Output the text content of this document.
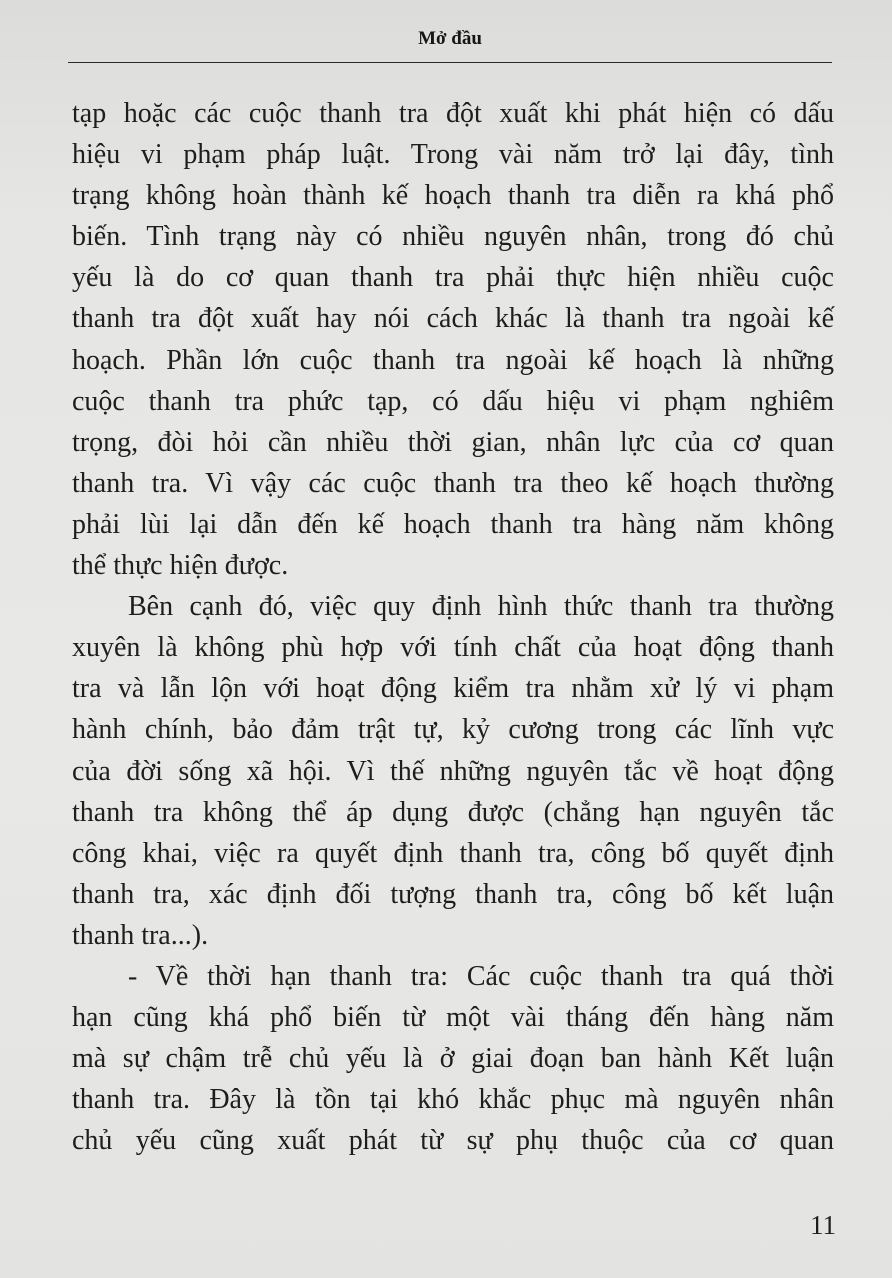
Mở đầu
tạp hoặc các cuộc thanh tra đột xuất khi phát hiện có dấu
hiệu vi phạm pháp luật. Trong vài năm trở lại đây, tình
trạng không hoàn thành kế hoạch thanh tra diễn ra khá phổ
biến. Tình trạng này có nhiều nguyên nhân, trong đó chủ
yếu là do cơ quan thanh tra phải thực hiện nhiều cuộc
thanh tra đột xuất hay nói cách khác là thanh tra ngoài kế
hoạch. Phần lớn cuộc thanh tra ngoài kế hoạch là những
cuộc thanh tra phức tạp, có dấu hiệu vi phạm nghiêm
trọng, đòi hỏi cần nhiều thời gian, nhân lực của cơ quan
thanh tra. Vì vậy các cuộc thanh tra theo kế hoạch thường
phải lùi lại dẫn đến kế hoạch thanh tra hàng năm không
thể thực hiện được.
Bên cạnh đó, việc quy định hình thức thanh tra thường
xuyên là không phù hợp với tính chất của hoạt động thanh
tra và lẫn lộn với hoạt động kiểm tra nhằm xử lý vi phạm
hành chính, bảo đảm trật tự, kỷ cương trong các lĩnh vực
của đời sống xã hội. Vì thế những nguyên tắc về hoạt động
thanh tra không thể áp dụng được (chẳng hạn nguyên tắc
công khai, việc ra quyết định thanh tra, công bố quyết định
thanh tra, xác định đối tượng thanh tra, công bố kết luận
thanh tra...).
- Về thời hạn thanh tra: Các cuộc thanh tra quá thời
hạn cũng khá phổ biến từ một vài tháng đến hàng năm
mà sự chậm trễ chủ yếu là ở giai đoạn ban hành Kết luận
thanh tra. Đây là tồn tại khó khắc phục mà nguyên nhân
chủ yếu cũng xuất phát từ sự phụ thuộc của cơ quan
11
